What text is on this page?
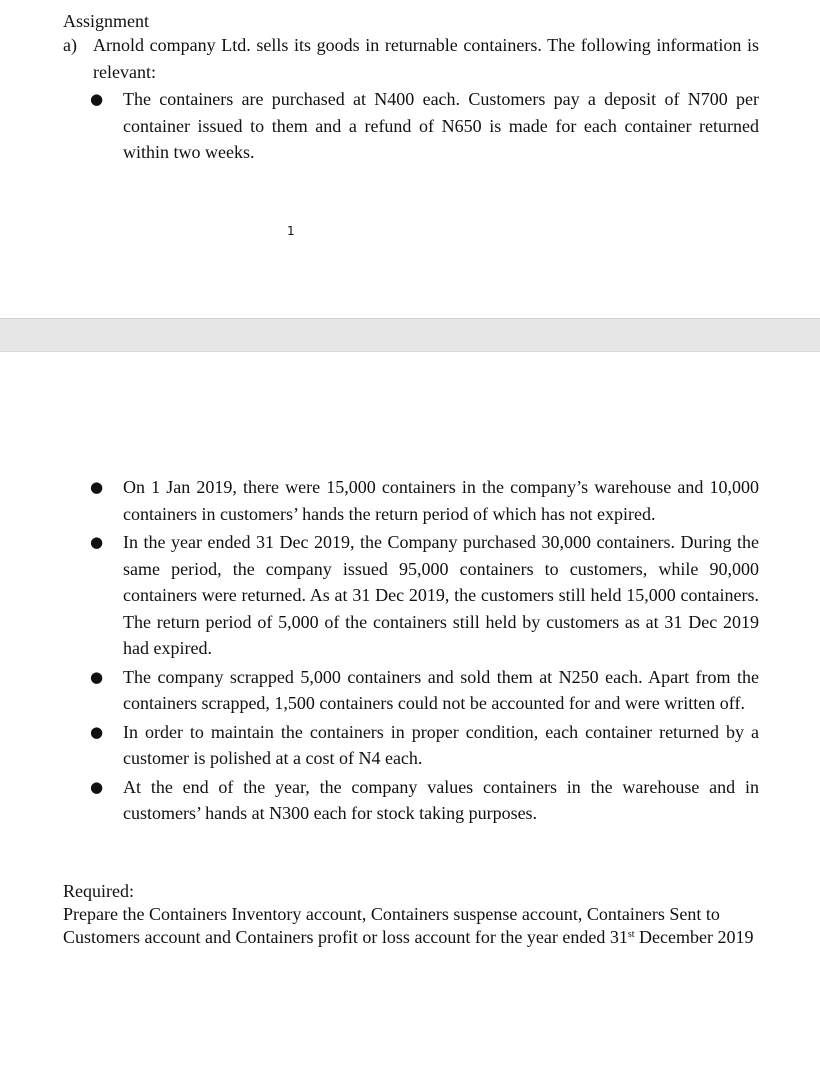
Assignment
a) Arnold company Ltd. sells its goods in returnable containers. The following information is relevant:
● The containers are purchased at N400 each. Customers pay a deposit of N700 per container issued to them and a refund of N650 is made for each container returned within two weeks.
1
● On 1 Jan 2019, there were 15,000 containers in the company’s warehouse and 10,000 containers in customers’ hands the return period of which has not expired.
● In the year ended 31 Dec 2019, the Company purchased 30,000 containers. During the same period, the company issued 95,000 containers to customers, while 90,000 containers were returned. As at 31 Dec 2019, the customers still held 15,000 containers. The return period of 5,000 of the containers still held by customers as at 31 Dec 2019 had expired.
● The company scrapped 5,000 containers and sold them at N250 each. Apart from the containers scrapped, 1,500 containers could not be accounted for and were written off.
● In order to maintain the containers in proper condition, each container returned by a customer is polished at a cost of N4 each.
● At the end of the year, the company values containers in the warehouse and in customers’ hands at N300 each for stock taking purposes.

Required:

Prepare the Containers Inventory account, Containers suspense account, Containers Sent to Customers account and Containers profit or loss account for the year ended 31st December 2019
